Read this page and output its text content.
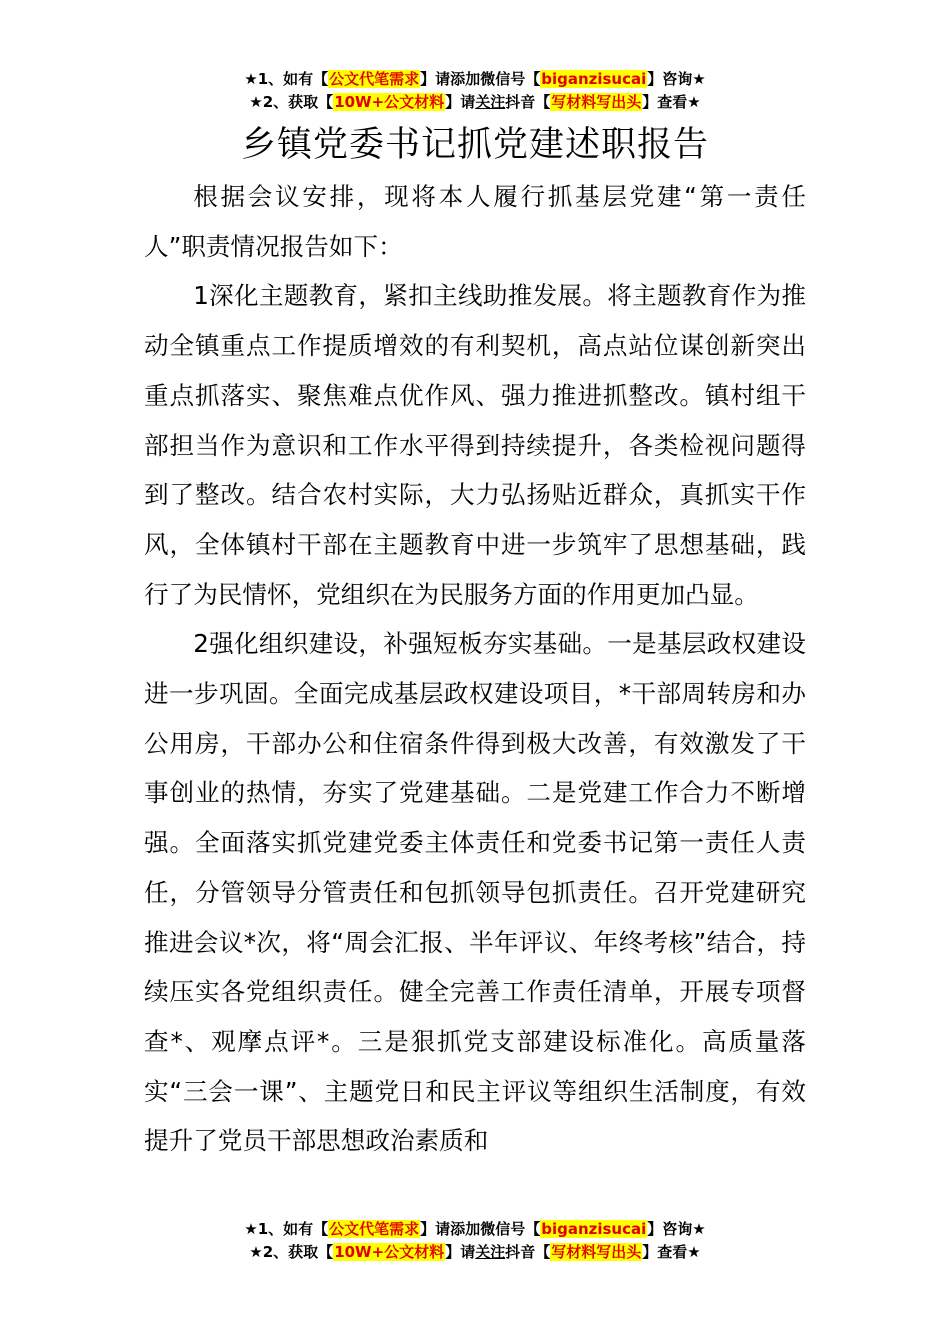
★1、如有【公文代笔需求】请添加微信号【biganzisucai】咨询★
★2、获取【10W+公文材料】请关注抖音【写材料写出头】查看★
乡镇党委书记抓党建述职报告

根据会议安排，现将本人履行抓基层党建“第一责任人”职责情况报告如下：

1深化主题教育，紧扣主线助推发展。将主题教育作为推动全镇重点工作提质增效的有利契机，高点站位谋创新突出重点抓落实、聚焦难点优作风、强力推进抓整改。镇村组干部担当作为意识和工作水平得到持续提升，各类检视问题得到了整改。结合农村实际，大力弘扬贴近群众，真抓实干作风，全体镇村干部在主题教育中进一步筑牢了思想基础，践行了为民情怀，党组织在为民服务方面的作用更加凸显。

2强化组织建设，补强短板夯实基础。一是基层政权建设进一步巩固。全面完成基层政权建设项目，*干部周转房和办公用房，干部办公和住宿条件得到极大改善，有效激发了干事创业的热情，夯实了党建基础。二是党建工作合力不断增强。全面落实抓党建党委主体责任和党委书记第一责任人责任，分管领导分管责任和包抓领导包抓责任。召开党建研究推进会议*次，将“周会汇报、半年评议、年终考核”结合，持续压实各党组织责任。健全完善工作责任清单，开展专项督查*、观摩点评*。三是狠抓党支部建设标准化。高质量落实“三会一课”、主题党日和民主评议等组织生活制度，有效提升了党员干部思想政治素质和

★1、如有【公文代笔需求】请添加微信号【biganzisucai】咨询★
★2、获取【10W+公文材料】请关注抖音【写材料写出头】查看★
